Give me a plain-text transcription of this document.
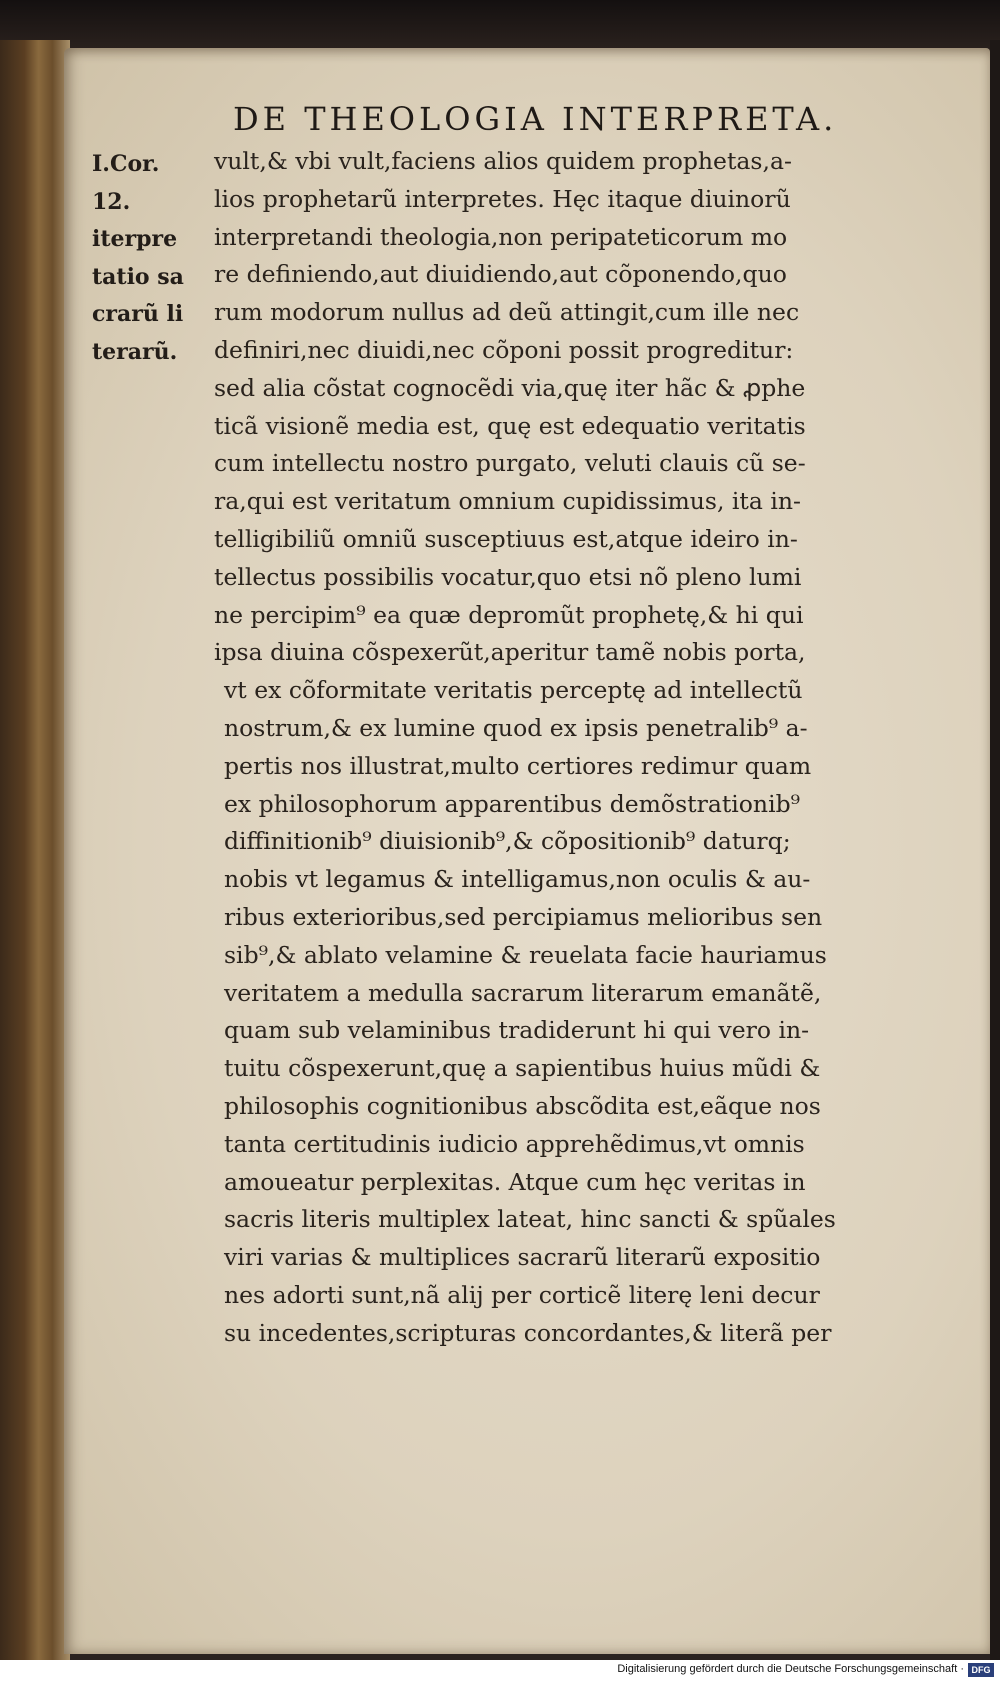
DE THEOLOGIA INTERPRETA.
I.Cor.
12.
iterpre
tatio sa
crarũ li
terarũ.
vult,& vbi vult,faciens alios quidem prophetas,a-
lios prophetarũ interpretes. Hęc itaque diuinorũ
interpretandi theologia,non peripateticorum mo
re definiendo,aut diuidiendo,aut cõponendo,quo
rum modorum nullus ad deũ attingit,cum ille nec
definiri,nec diuidi,nec cõponi possit progreditur:
sed alia cõstat cognocẽdi via,quę iter hãc & ꝓphe
ticã visionẽ media est, quę est edequatio veritatis
cum intellectu nostro purgato, veluti clauis cũ se-
ra,qui est veritatum omnium cupidissimus, ita in-
telligibiliũ omniũ susceptiuus est,atque ideiro in-
tellectus possibilis vocatur,quo etsi nõ pleno lumi
ne percipim⁹ ea quæ depromũt prophetę,& hi qui
ipsa diuina cõspexerũt,aperitur tamẽ nobis porta,
vt ex cõformitate veritatis perceptę ad intellectũ
nostrum,& ex lumine quod ex ipsis penetralib⁹ a-
pertis nos illustrat,multo certiores redimur quam
ex philosophorum apparentibus demõstrationib⁹
diffinitionib⁹ diuisionib⁹,& cõpositionib⁹ daturq;
nobis vt legamus & intelligamus,non oculis & au-
ribus exterioribus,sed percipiamus melioribus sen
sib⁹,& ablato velamine & reuelata facie hauriamus
veritatem a medulla sacrarum literarum emanãtẽ,
quam sub velaminibus tradiderunt hi qui vero in-
tuitu cõspexerunt,quę a sapientibus huius mũdi &
philosophis cognitionibus abscõdita est,eãque nos
tanta certitudinis iudicio apprehẽdimus,vt omnis
amoueatur perplexitas. Atque cum hęc veritas in
sacris literis multiplex lateat, hinc sancti & spũales
viri varias & multiplices sacrarũ literarũ expositio
nes adorti sunt,nã alij per corticẽ literę leni decur
su incedentes,scripturas concordantes,& literã per
Digitalisierung gefördert durch die Deutsche Forschungsgemeinschaft · DFG
